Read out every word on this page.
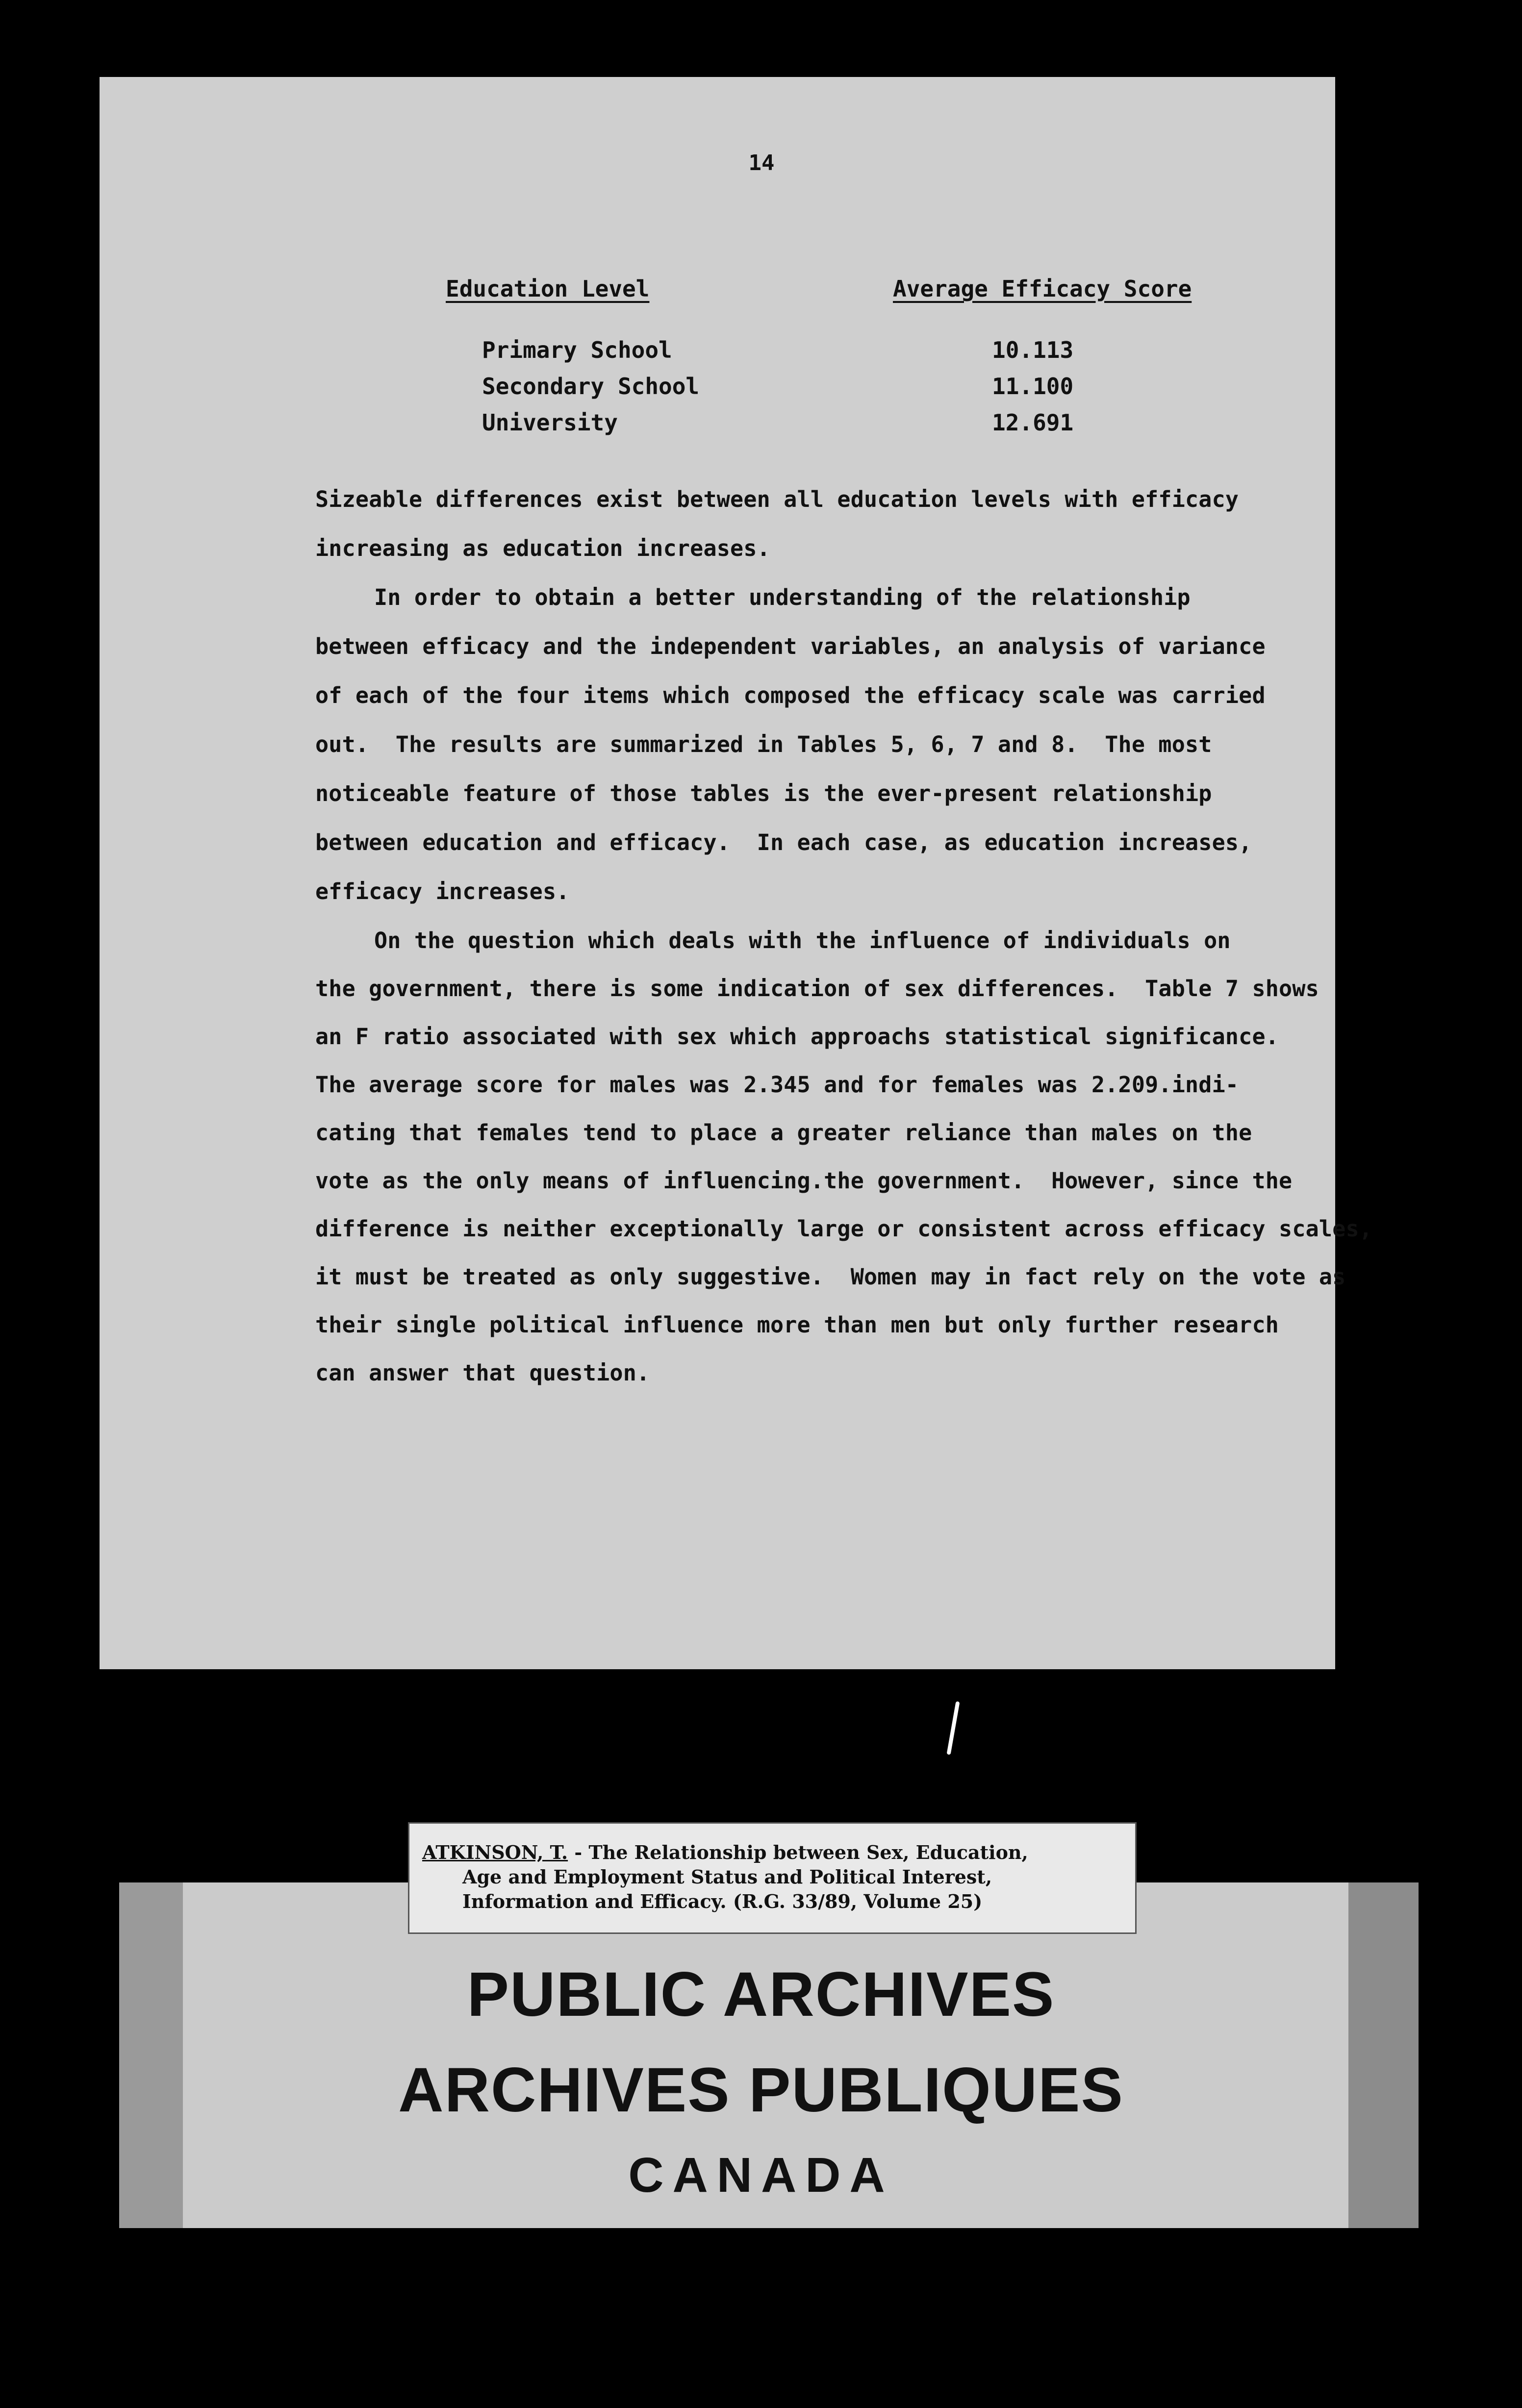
14
Education Level	Average Efficacy Score
Primary School	10.113
Secondary School	11.100
University	12.691
Sizeable differences exist between all education levels with efficacy
increasing as education increases.
In order to obtain a better understanding of the relationship
between efficacy and the independent variables, an analysis of variance
of each of the four items which composed the efficacy scale was carried
out.  The results are summarized in Tables 5, 6, 7 and 8.  The most
noticeable feature of those tables is the ever-present relationship
between education and efficacy.  In each case, as education increases,
efficacy increases.
On the question which deals with the influence of individuals on
the government, there is some indication of sex differences.  Table 7 shows
an F ratio associated with sex which approachs statistical significance.
The average score for males was 2.345 and for females was 2.209.indi-
cating that females tend to place a greater reliance than males on the
vote as the only means of influencing.the government.  However, since the
difference is neither exceptionally large or consistent across efficacy scales,
it must be treated as only suggestive.  Women may in fact rely on the vote as
their single political influence more than men but only further research
can answer that question.
ATKINSON, T. - The Relationship between Sex, Education,
Age and Employment Status and Political Interest,
Information and Efficacy. (R.G. 33/89, Volume 25)
PUBLIC ARCHIVES
ARCHIVES PUBLIQUES
CANADA
